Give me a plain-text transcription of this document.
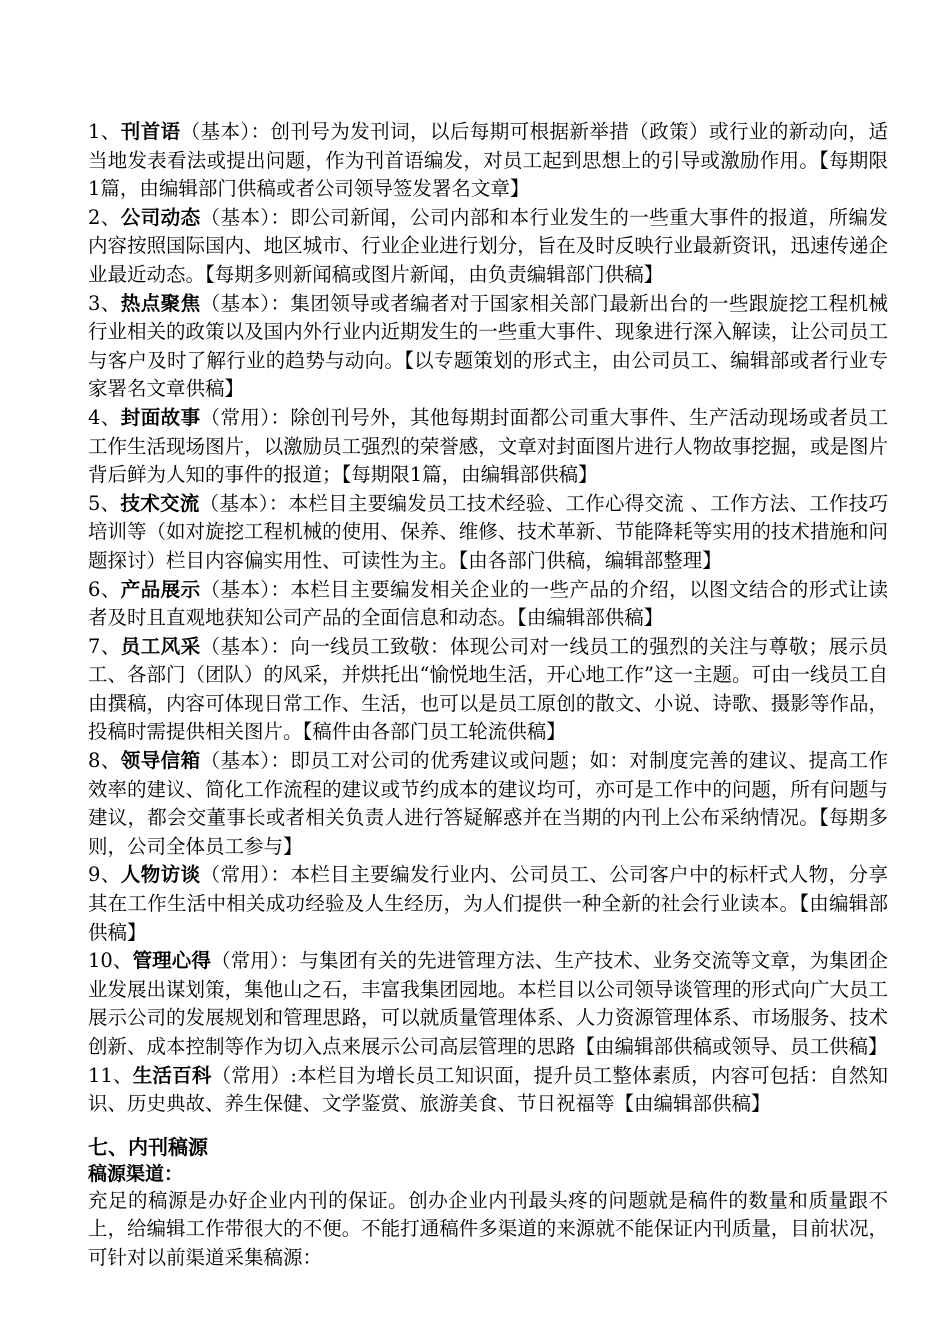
1、刊首语（基本）：创刊号为发刊词，以后每期可根据新举措（政策）或行业的新动向，适当地发表看法或提出问题，作为刊首语编发，对员工起到思想上的引导或激励作用。【每期限1篇，由编辑部门供稿或者公司领导签发署名文章】

2、公司动态（基本）：即公司新闻，公司内部和本行业发生的一些重大事件的报道，所编发内容按照国际国内、地区城市、行业企业进行划分，旨在及时反映行业最新资讯，迅速传递企业最近动态。【每期多则新闻稿或图片新闻，由负责编辑部门供稿】

3、热点聚焦（基本）：集团领导或者编者对于国家相关部门最新出台的一些跟旋挖工程机械行业相关的政策以及国内外行业内近期发生的一些重大事件、现象进行深入解读，让公司员工与客户及时了解行业的趋势与动向。【以专题策划的形式主，由公司员工、编辑部或者行业专家署名文章供稿】

4、封面故事（常用）：除创刊号外，其他每期封面都公司重大事件、生产活动现场或者员工工作生活现场图片，以激励员工强烈的荣誉感，文章对封面图片进行人物故事挖掘，或是图片背后鲜为人知的事件的报道；【每期限1篇，由编辑部供稿】

5、技术交流（基本）：本栏目主要编发员工技术经验、工作心得交流 、工作方法、工作技巧培训等（如对旋挖工程机械的使用、保养、维修、技术革新、节能降耗等实用的技术措施和问题探讨）栏目内容偏实用性、可读性为主。【由各部门供稿，编辑部整理】

6、产品展示（基本）：本栏目主要编发相关企业的一些产品的介绍，以图文结合的形式让读者及时且直观地获知公司产品的全面信息和动态。【由编辑部供稿】

7、员工风采（基本）：向一线员工致敬：体现公司对一线员工的强烈的关注与尊敬；展示员工、各部门（团队）的风采，并烘托出“愉悦地生活，开心地工作”这一主题。可由一线员工自由撰稿，内容可体现日常工作、生活，也可以是员工原创的散文、小说、诗歌、摄影等作品，投稿时需提供相关图片。【稿件由各部门员工轮流供稿】

8、领导信箱（基本）：即员工对公司的优秀建议或问题；如：对制度完善的建议、提高工作效率的建议、简化工作流程的建议或节约成本的建议均可，亦可是工作中的问题，所有问题与建议，都会交董事长或者相关负责人进行答疑解惑并在当期的内刊上公布采纳情况。【每期多则，公司全体员工参与】

9、人物访谈（常用）：本栏目主要编发行业内、公司员工、公司客户中的标杆式人物，分享其在工作生活中相关成功经验及人生经历，为人们提供一种全新的社会行业读本。【由编辑部供稿】

10、管理心得（常用）：与集团有关的先进管理方法、生产技术、业务交流等文章，为集团企业发展出谋划策，集他山之石，丰富我集团园地。本栏目以公司领导谈管理的形式向广大员工展示公司的发展规划和管理思路，可以就质量管理体系、人力资源管理体系、市场服务、技术创新、成本控制等作为切入点来展示公司高层管理的思路【由编辑部供稿或领导、员工供稿】

11、生活百科（常用）:本栏目为增长员工知识面，提升员工整体素质，内容可包括：自然知识、历史典故、养生保健、文学鉴赏、旅游美食、节日祝福等【由编辑部供稿】

七、内刊稿源

稿源渠道：

充足的稿源是办好企业内刊的保证。创办企业内刊最头疼的问题就是稿件的数量和质量跟不上，给编辑工作带很大的不便。不能打通稿件多渠道的来源就不能保证内刊质量，目前状况，可针对以前渠道采集稿源：
